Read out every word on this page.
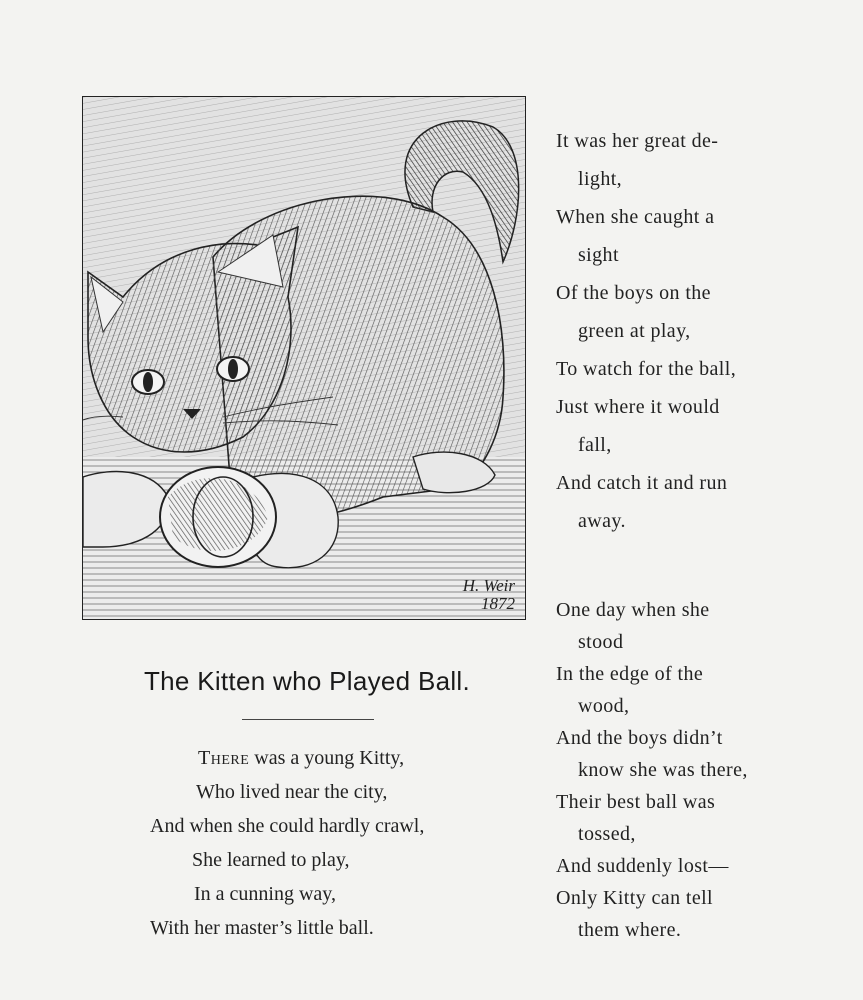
H. Weir
1872
The Kitten who Played Ball.
There was a young Kitty,
Who lived near the city,
And when she could hardly crawl,
She learned to play,
In a cunning way,
With her master’s little ball.
It was her great de-
light,
When she caught a
sight
Of the boys on the
green at play,
To watch for the ball,
Just where it would
fall,
And catch it and run
away.
One day when she
stood
In the edge of the
wood,
And the boys didn’t
know she was there,
Their best ball was
tossed,
And suddenly lost—
Only Kitty can tell
them where.
